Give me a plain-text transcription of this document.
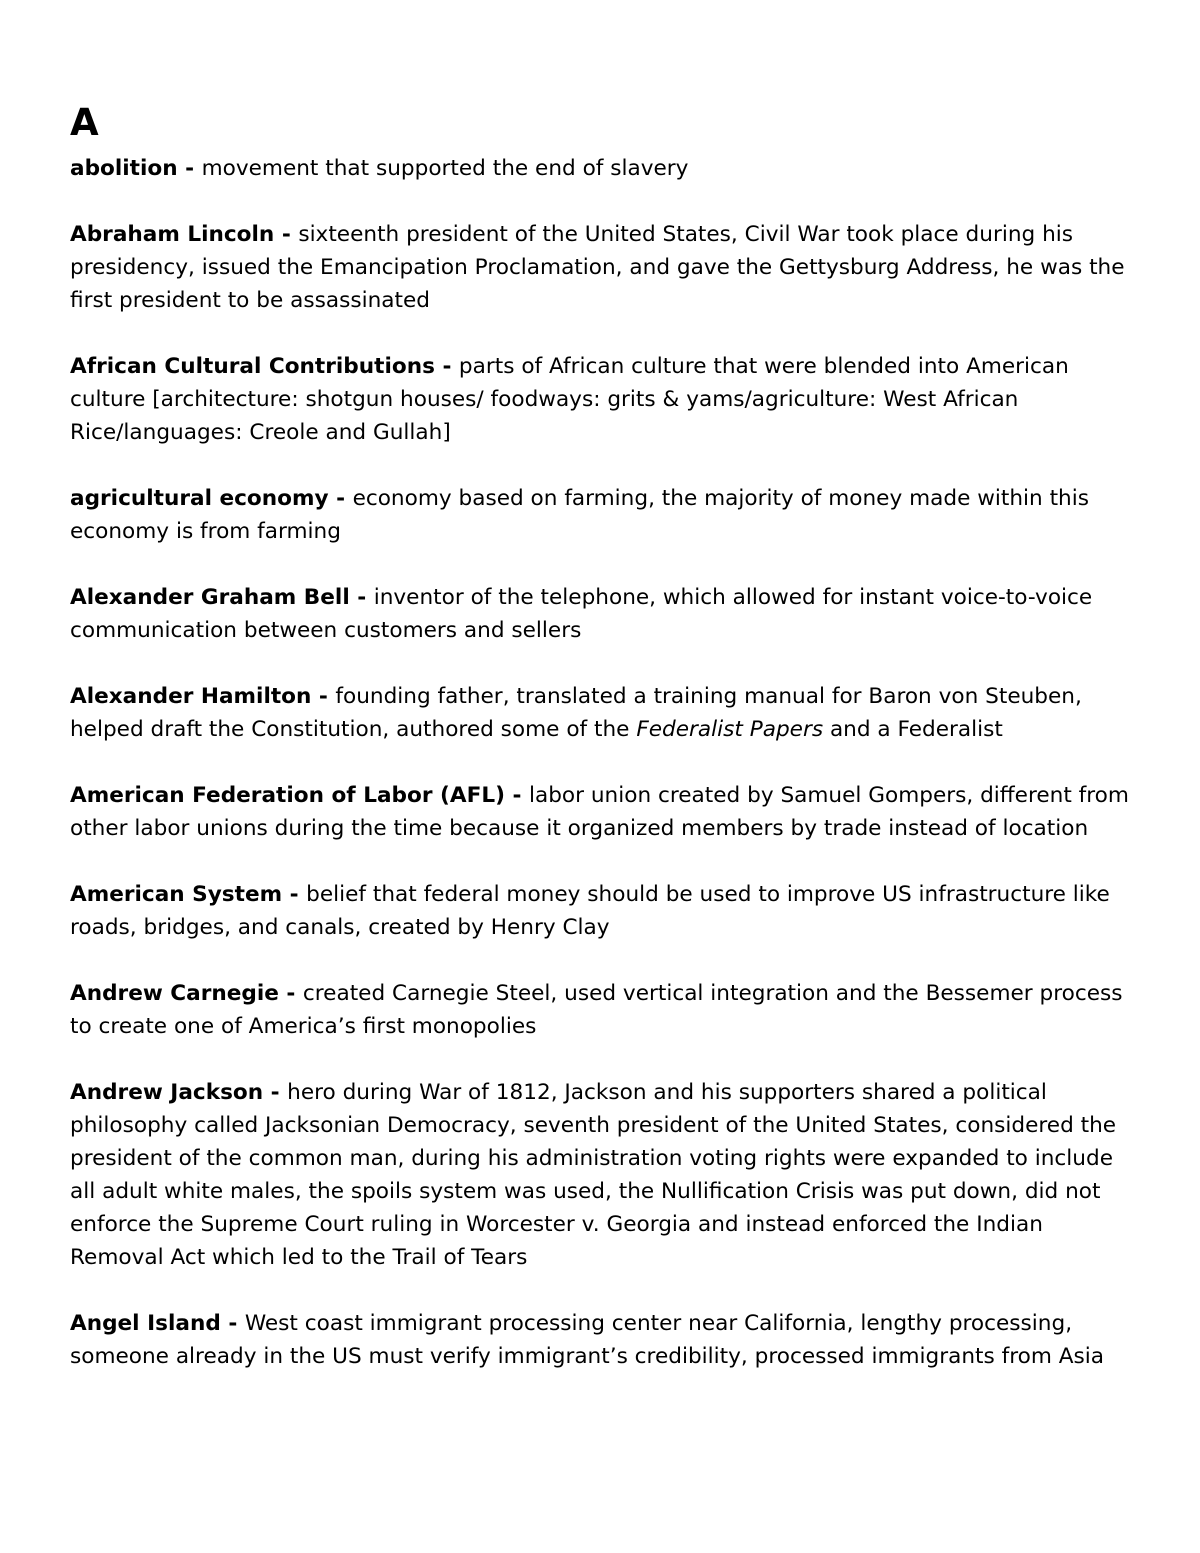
A

abolition - movement that supported the end of slavery

Abraham Lincoln - sixteenth president of the United States, Civil War took place during his presidency, issued the Emancipation Proclamation, and gave the Gettysburg Address, he was the first president to be assassinated

African Cultural Contributions - parts of African culture that were blended into American culture [architecture: shotgun houses/ foodways: grits & yams/agriculture: West African Rice/languages: Creole and Gullah]

agricultural economy - economy based on farming, the majority of money made within this economy is from farming

Alexander Graham Bell - inventor of the telephone, which allowed for instant voice-to-voice communication between customers and sellers

Alexander Hamilton - founding father, translated a training manual for Baron von Steuben, helped draft the Constitution, authored some of the Federalist Papers and a Federalist

American Federation of Labor (AFL) - labor union created by Samuel Gompers, different from other labor unions during the time because it organized members by trade instead of location

American System - belief that federal money should be used to improve US infrastructure like roads, bridges, and canals, created by Henry Clay

Andrew Carnegie - created Carnegie Steel, used vertical integration and the Bessemer process to create one of America’s first monopolies

Andrew Jackson - hero during War of 1812, Jackson and his supporters shared a political philosophy called Jacksonian Democracy, seventh president of the United States, considered the president of the common man, during his administration voting rights were expanded to include all adult white males, the spoils system was used, the Nullification Crisis was put down, did not enforce the Supreme Court ruling in Worcester v. Georgia and instead enforced the Indian Removal Act which led to the Trail of Tears

Angel Island - West coast immigrant processing center near California, lengthy processing, someone already in the US must verify immigrant’s credibility, processed immigrants from Asia
